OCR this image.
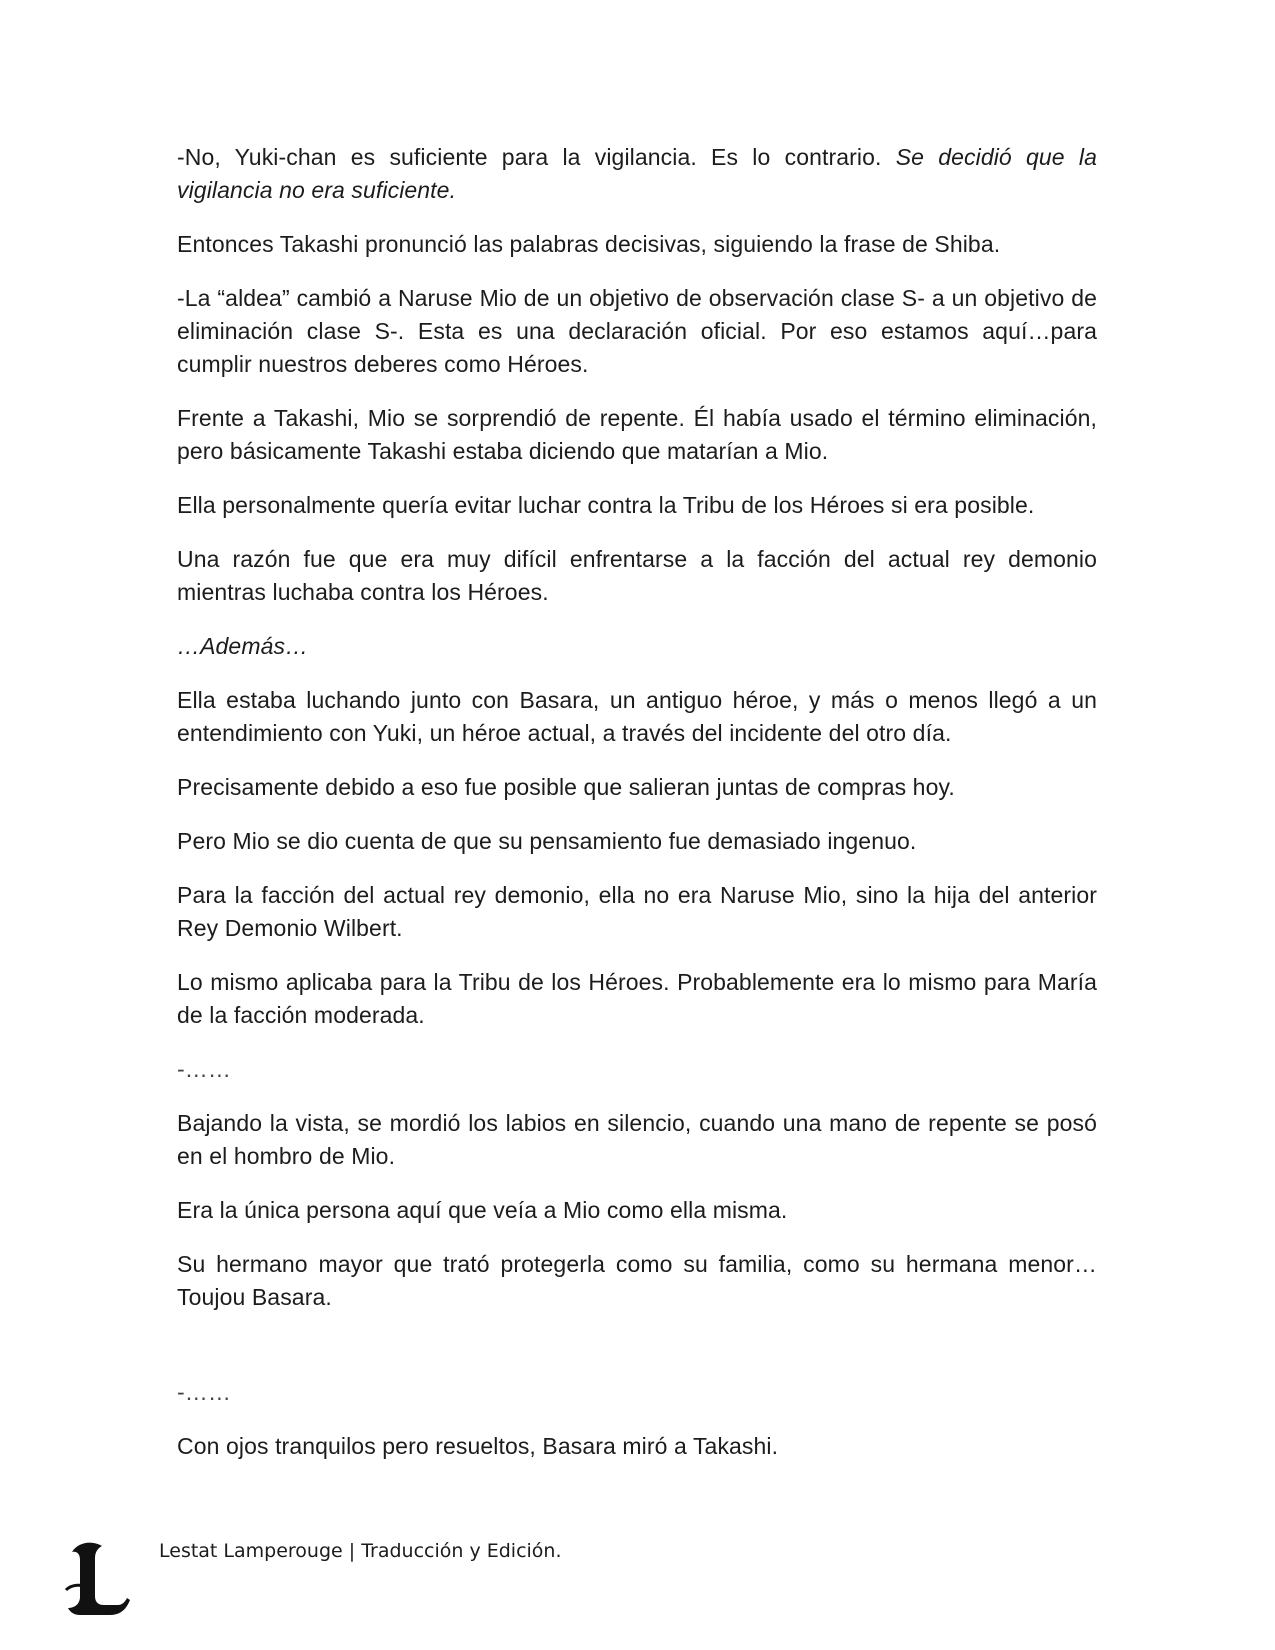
-No, Yuki-chan es suficiente para la vigilancia. Es lo contrario. Se decidió que la vigilancia no era suficiente.

Entonces Takashi pronunció las palabras decisivas, siguiendo la frase de Shiba.

-La “aldea” cambió a Naruse Mio de un objetivo de observación clase S- a un objetivo de eliminación clase S-. Esta es una declaración oficial. Por eso estamos aquí…para cumplir nuestros deberes como Héroes.

Frente a Takashi, Mio se sorprendió de repente. Él había usado el término eliminación, pero básicamente Takashi estaba diciendo que matarían a Mio.

Ella personalmente quería evitar luchar contra la Tribu de los Héroes si era posible.

Una razón fue que era muy difícil enfrentarse a la facción del actual rey demonio mientras luchaba contra los Héroes.

…Además…

Ella estaba luchando junto con Basara, un antiguo héroe, y más o menos llegó a un entendimiento con Yuki, un héroe actual, a través del incidente del otro día.

Precisamente debido a eso fue posible que salieran juntas de compras hoy.

Pero Mio se dio cuenta de que su pensamiento fue demasiado ingenuo.

Para la facción del actual rey demonio, ella no era Naruse Mio, sino la hija del anterior Rey Demonio Wilbert.

Lo mismo aplicaba para la Tribu de los Héroes. Probablemente era lo mismo para María de la facción moderada.

-……

Bajando la vista, se mordió los labios en silencio, cuando una mano de repente se posó en el hombro de Mio.

Era la única persona aquí que veía a Mio como ella misma.

Su hermano mayor que trató protegerla como su familia, como su hermana menor…Toujou Basara.

-……

Con ojos tranquilos pero resueltos, Basara miró a Takashi.

Lestat Lamperouge | Traducción y Edición.
